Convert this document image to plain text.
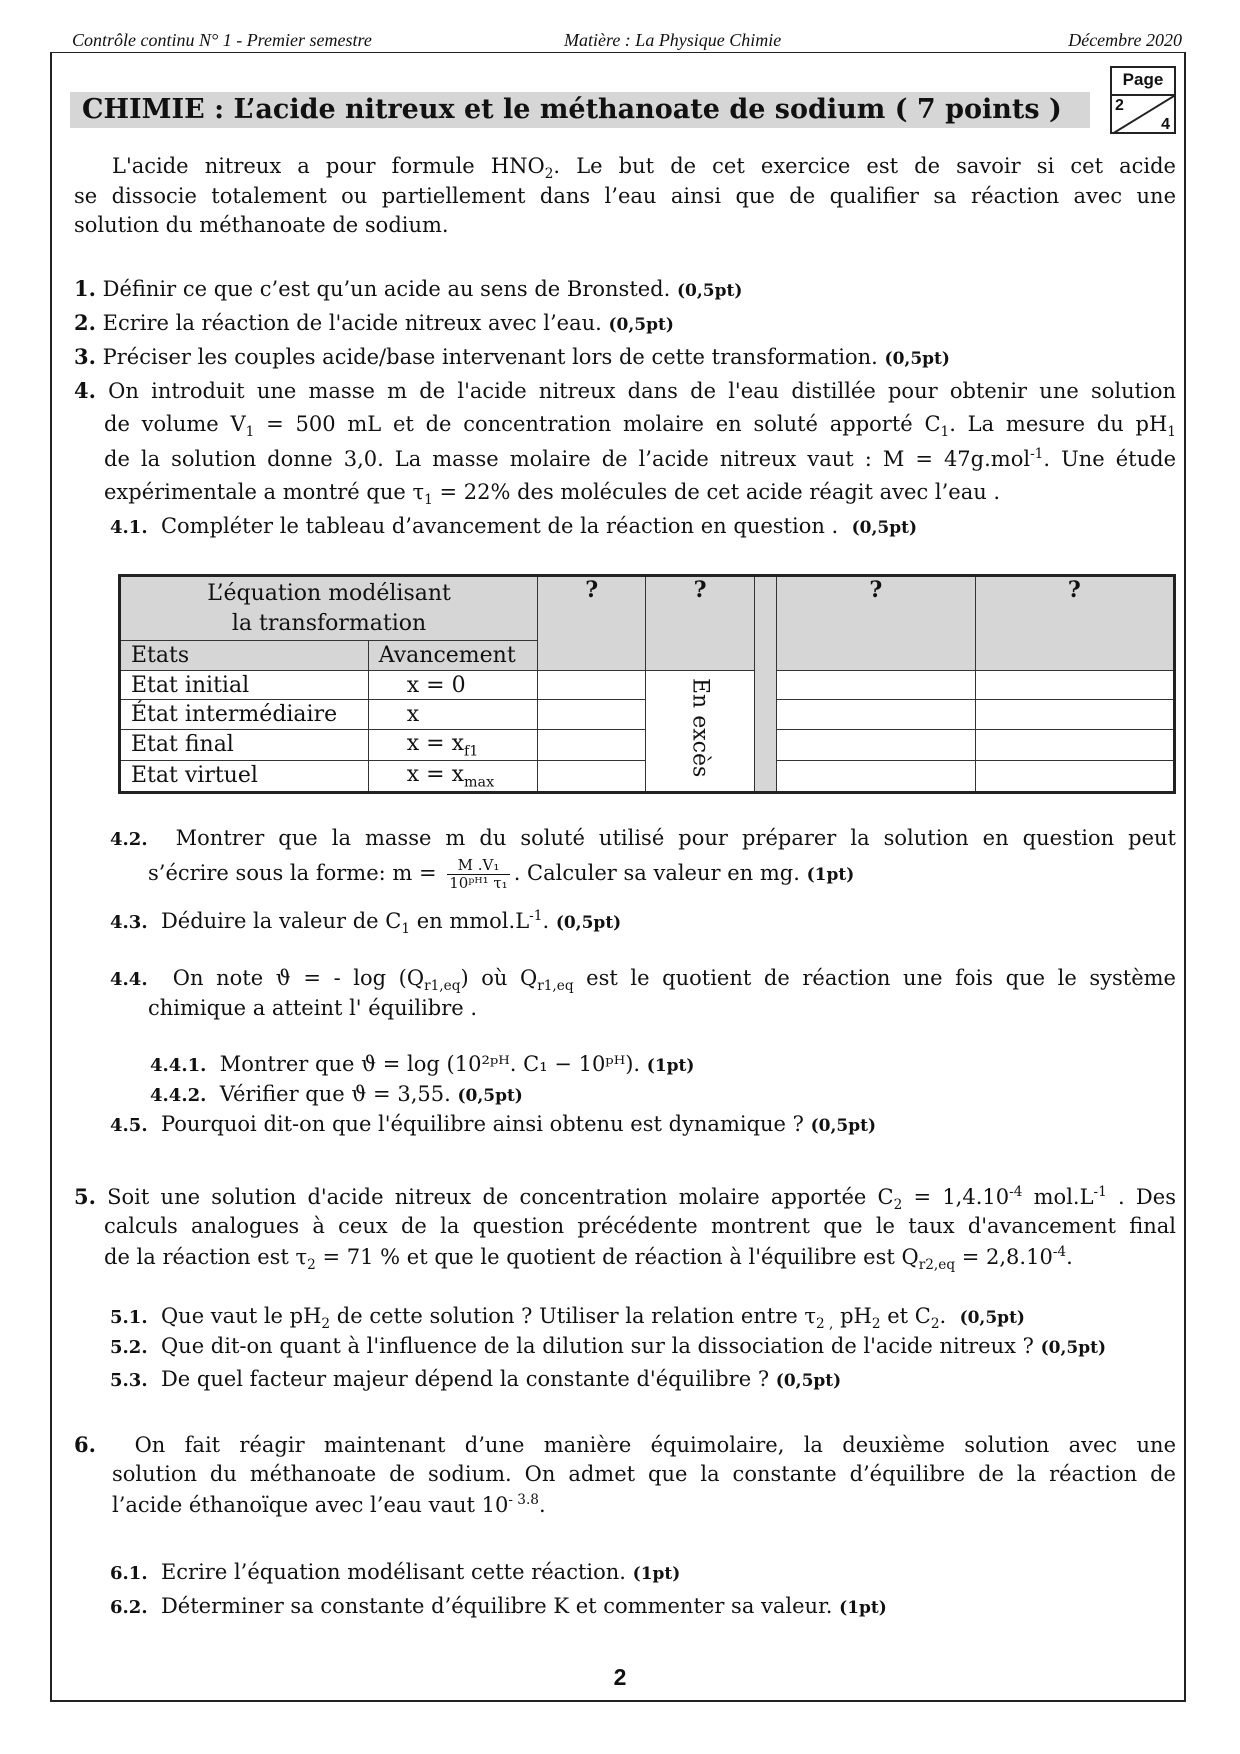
Contrôle continu N° 1 - Premier semestre	Matière : La Physique Chimie	Décembre 2020
Page
2
4
CHIMIE : L’acide nitreux et le méthanoate de sodium ( 7 points )
L'acide nitreux a pour formule $HNO_2$. Le but de cet exercice est de savoir si cet acide
se dissocie totalement ou partiellement dans l’eau ainsi que de qualifier sa réaction avec une
solution du méthanoate de sodium.
1. Définir ce que c’est qu’un acide au sens de Bronsted. (0,5pt)
2. Ecrire la réaction de l'acide nitreux avec l’eau. (0,5pt)
3. Préciser les couples acide/base intervenant lors de cette transformation. (0,5pt)
4. On introduit une masse m de l'acide nitreux dans de l'eau distillée pour obtenir une solution
de volume $V_1 = 500$ mL et de concentration molaire en soluté apporté $C_1$. La mesure du $pH_1$
de la solution donne 3,0. La masse molaire de l’acide nitreux vaut : M = 47g.mol$^{-1}$. Une étude
expérimentale a montré que $\tau_1 = 22\%$ des molécules de cet acide réagit avec l’eau .
4.1. Compléter le tableau d’avancement de la réaction en question . (0,5pt)
L’équation modélisant
la transformation		?	?		?	?
Etats	Avancement					
Etat initial	x = 0		En excès			
État intermédiaire	x					
Etat final	$x = x_{f1}$			
Etat virtuel	$x = x_{max}$			
4.2. Montrer que la masse m du soluté utilisé pour préparer la solution en question peut
s’écrire sous la forme: $m = \frac{\text{M .V₁}}{\text{10ᵖᴴ¹ τ₁}}$ . Calculer sa valeur en mg. (1pt)
4.3. Déduire la valeur de $C_1$ en $mmol.L^{-1}$. (0,5pt)
4.4. On note ϑ = - $\log (Q_{r1,eq})$ où $Q_{r1,eq}$ est le quotient de réaction une fois que le système
chimique a atteint l' équilibre .
4.4.1. Montrer que ϑ = log (10²ᵖᴴ. C₁ − 10ᵖᴴ). (1pt)
4.4.2. Vérifier que ϑ = 3,55. (0,5pt)
4.5. Pourquoi dit-on que l'équilibre ainsi obtenu est dynamique ? (0,5pt)
5. Soit une solution d'acide nitreux de concentration molaire apportée $C_2 = 1,4.10^{-4}$ $mol.L^{-1}$ . Des
calculs analogues à ceux de la question précédente montrent que le taux d'avancement final
de la réaction est $\tau_2 = 71$ % et que le quotient de réaction à l'équilibre est $Q_{r2,eq} = 2,8.10^{-4}$.
5.1. Que vaut le $pH_2$ de cette solution ? Utiliser la relation entre $\tau_{2 ,}$ $pH_2$ et $C_2$. (0,5pt)
5.2. Que dit-on quant à l'influence de la dilution sur la dissociation de l'acide nitreux ? (0,5pt)
5.3. De quel facteur majeur dépend la constante d'équilibre ? (0,5pt)
6. On fait réagir maintenant d’une manière équimolaire, la deuxième solution avec une
solution du méthanoate de sodium. On admet que la constante d’équilibre de la réaction de
l’acide éthanoïque avec l’eau vaut $10^{- 3.8}$.
6.1. Ecrire l’équation modélisant cette réaction. (1pt)
6.2. Déterminer sa constante d’équilibre K et commenter sa valeur. (1pt)
2
